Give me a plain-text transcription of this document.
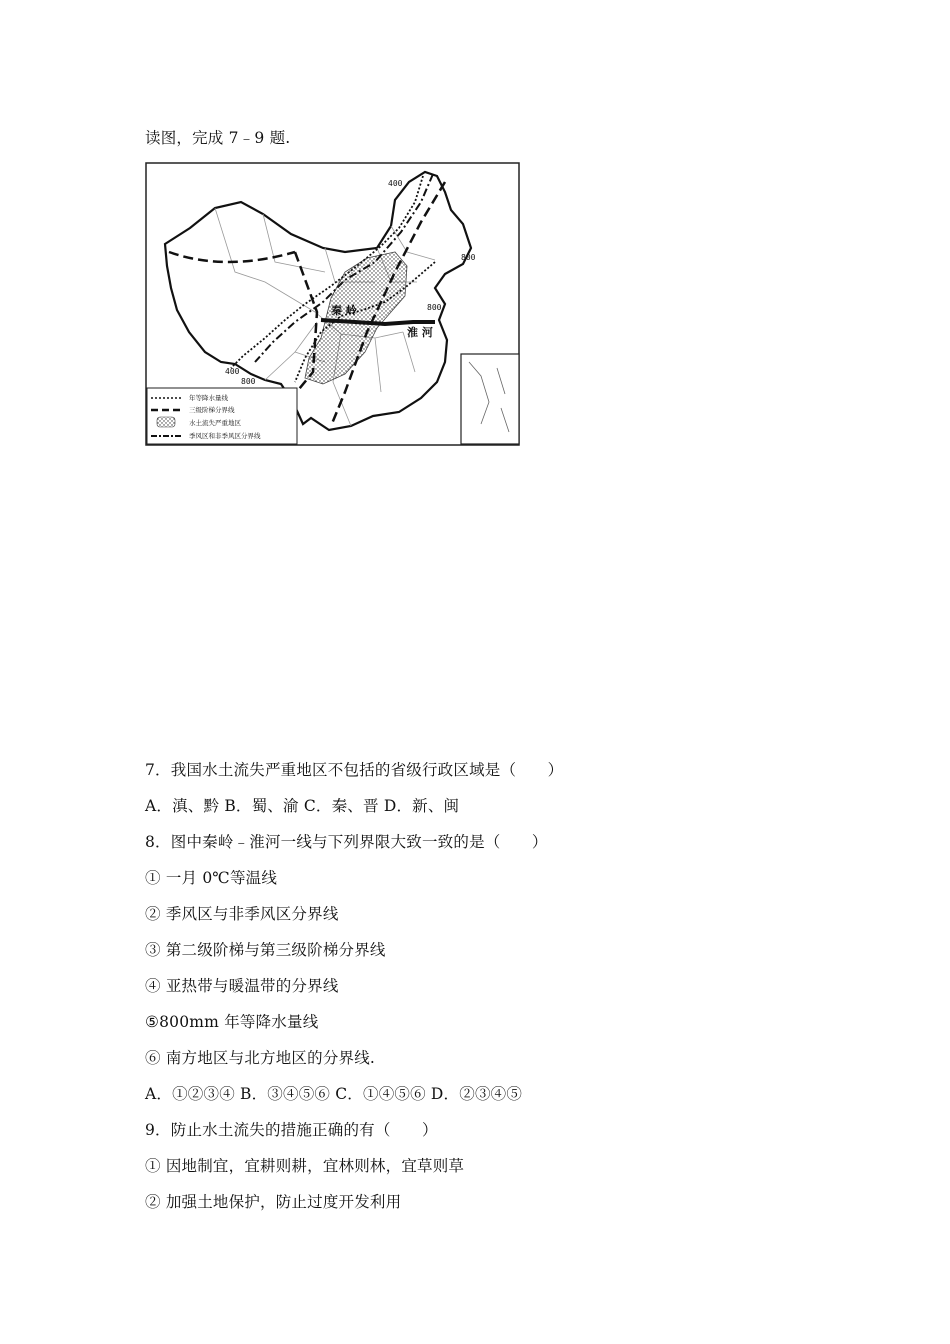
读图，完成 7﹣9 题.
400
800
800
400
800
秦 岭
淮 河
年等降水量线
三级阶梯分界线
水土流失严重地区
季风区和非季风区分界线
7．我国水土流失严重地区不包括的省级行政区域是（　　）
A．滇、黔 B．蜀、渝 C．秦、晋 D．新、闽
8．图中秦岭﹣淮河一线与下列界限大致一致的是（　　）
① 一月 0℃等温线
② 季风区与非季风区分界线
③ 第二级阶梯与第三级阶梯分界线
④ 亚热带与暖温带的分界线
⑤800mm 年等降水量线
⑥ 南方地区与北方地区的分界线.
A．①②③④ B．③④⑤⑥ C．①④⑤⑥ D．②③④⑤
9．防止水土流失的措施正确的有（　　）
① 因地制宜，宜耕则耕，宜林则林，宜草则草
② 加强土地保护，防止过度开发利用
